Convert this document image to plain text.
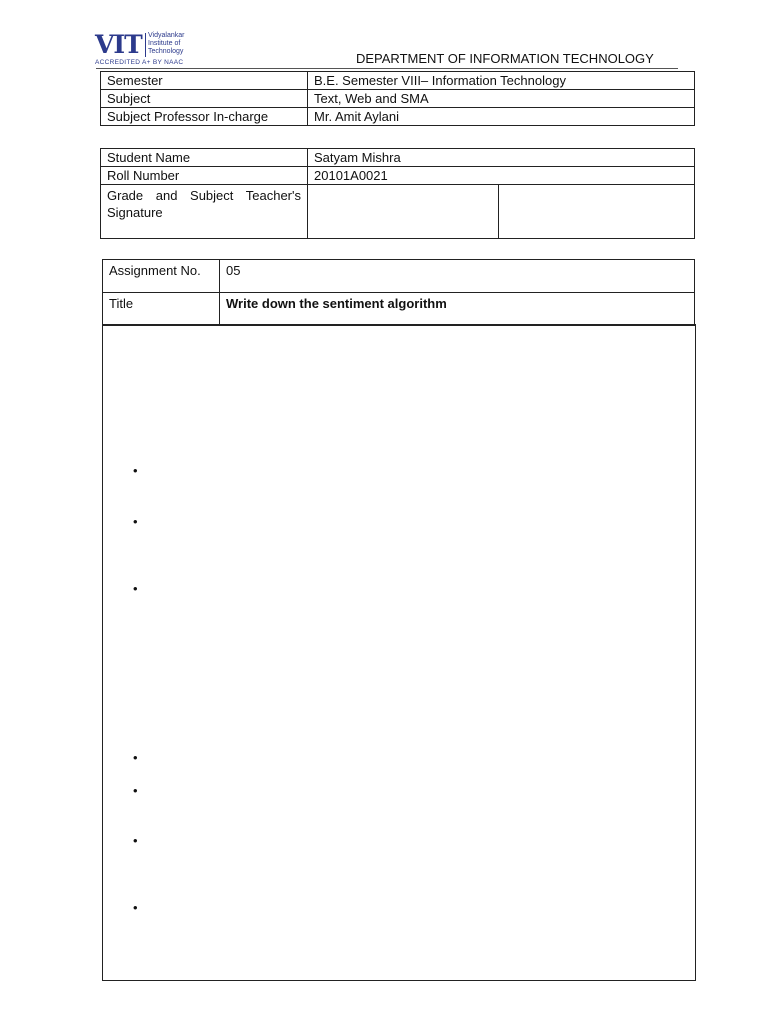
VIT Vidyalankar
Institute of
Technology
ACCREDITED A+ BY NAAC	DEPARTMENT OF INFORMATION TECHNOLOGY
Semester	B.E. Semester VIII– Information Technology
Subject	Text, Web and SMA
Subject Professor In-charge	Mr. Amit Aylani
Student Name	Satyam Mishra	
Roll Number	20101A0021	
Grade and Subject Teacher's Signature		
Assignment No.	05
Title	Write down the sentiment algorithm
•
•
•
•
•
•
•
